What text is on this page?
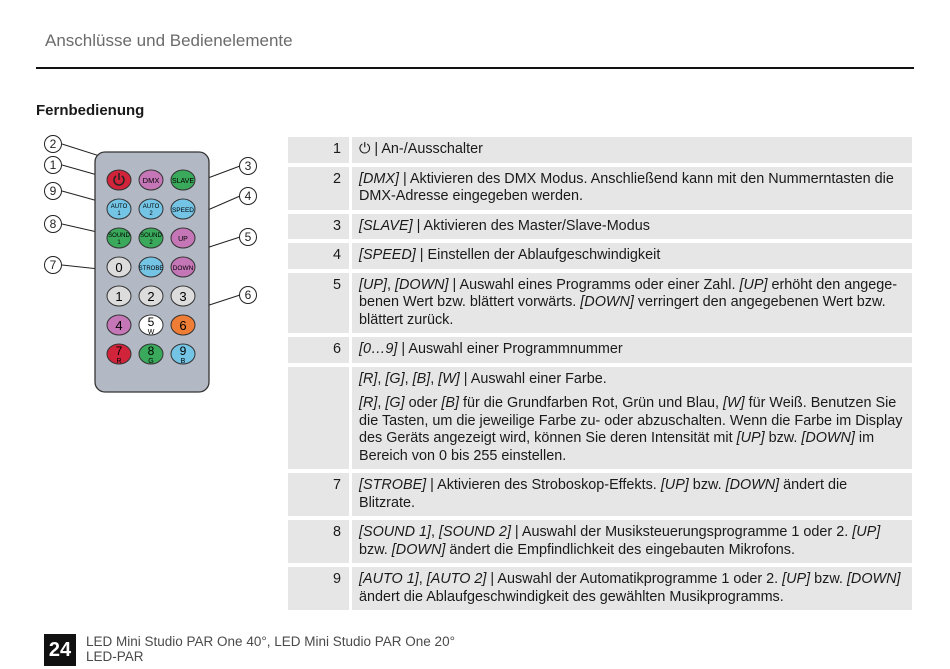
Anschlüsse und Bedienelemente
Fernbedienung
DMX SLAVE
AUTO
1
AUTO
2	SPEED
SOUND
1
SOUND
2	UP
0	STROBE DOWN
1 2 3
4 5
W 6
7
R
8
G
9
B
2
1
9
8
7
3
4
5
6
1	⏻ | An-/Ausschalter
2	[DMX] | Aktivieren des DMX Modus. Anschließend kann mit den Nummerntasten die DMX-Adresse eingegeben werden.
3	[SLAVE] | Aktivieren des Master/Slave-Modus
4	[SPEED] | Einstellen der Ablaufgeschwindigkeit
5	[UP], [DOWN] | Auswahl eines Programms oder einer Zahl. [UP] erhöht den angegebenen Wert bzw. blättert vorwärts. [DOWN] verringert den angegebenen Wert bzw. blättert zurück.
6	[0…9] | Auswahl einer Programmnummer

	[R], [G], [B], [W] | Auswahl einer Farbe.
[R], [G] oder [B] für die Grundfarben Rot, Grün und Blau, [W] für Weiß. Benutzen Sie die Tasten, um die jeweilige Farbe zu- oder abzuschalten. Wenn die Farbe im Display des Geräts angezeigt wird, können Sie deren Intensität mit [UP] bzw. [DOWN] im Bereich von 0 bis 255 einstellen.

7	[STROBE] | Aktivieren des Stroboskop-Effekts. [UP] bzw. [DOWN] ändert die Blitzrate.
8	[SOUND 1], [SOUND 2] | Auswahl der Musiksteuerungsprogramme 1 oder 2. [UP] bzw. [DOWN] ändert die Empfindlichkeit des eingebauten Mikrofons.
9	[AUTO 1], [AUTO 2] | Auswahl der Automatikprogramme 1 oder 2. [UP] bzw. [DOWN] ändert die Ablaufgeschwindigkeit des gewählten Musikprogramms.
24	LED Mini Studio PAR One 40°, LED Mini Studio PAR One 20°
LED-PAR
